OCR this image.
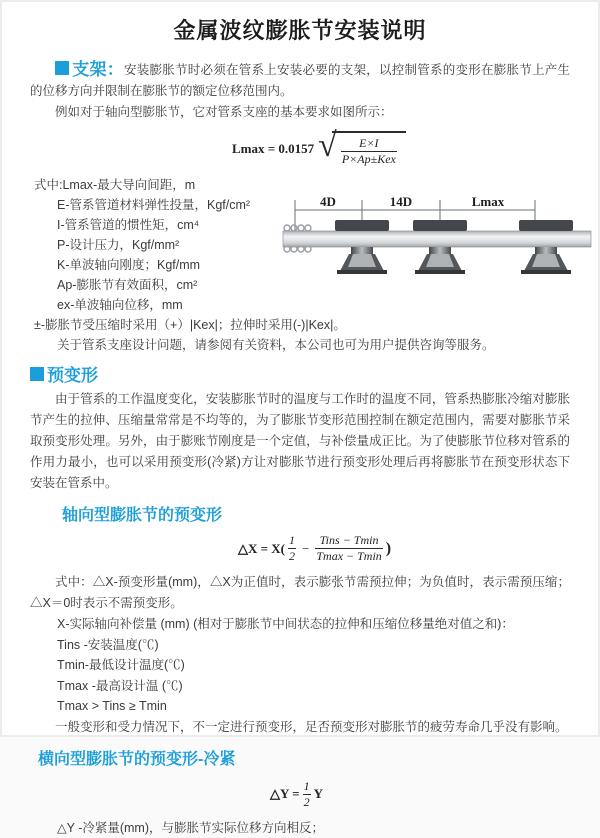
金属波纹膨胀节安装说明

支架：安装膨胀节时必须在管系上安装必要的支架，以控制管系的变形在膨胀节上产生的位移方向并限制在膨胀节的额定位移范围内。

例如对于轴向型膨胀节，它对管系支座的基本要求如图所示：

Lmax = 0.0157 √ $\frac{E\times I}{\text{P×Ap±Kex}}$

式中:Lmax-最大导向间距，m

E-管系管道材料弹性投量，Kgf/cm²

I-管系管道的惯性矩，cm⁴

P-设计压力，Kgf/mm²

K-单波轴向刚度；Kgf/mm

Ap-膨胀节有效面积，cm²

ex-单波轴向位移，mm

±-膨胀节受压缩时采用（+）|Kex|；拉伸时采用(-)|Kex|。

关于管系支座设计问题，请参阅有关资料，本公司也可为用户提供咨询等服务。

4D	14D	Lmax

预变形

由于管系的工作温度变化，安装膨胀节时的温度与工作时的温度不同，管系热膨胀冷缩对膨胀节产生的拉伸、压缩量常常是不均等的，为了膨胀节变形范围控制在额定范围内，需要对膨胀节采取预变形处理。另外，由于膨账节刚度是一个定值，与补偿量成正比。为了使膨胀节位移对管系的作用力最小，也可以采用预变形(冷紧)方让对膨胀节进行预变形处理后再将膨胀节在预变形状态下安装在管系中。

轴向型膨胀节的预变形
△X = $X( \frac{1}{2} - \frac{\text{Tins − Tmin}}{Tmax - Tmin}$ )

式中：△X-预变形量(mm)，△X为正值时，表示膨张节需预拉伸；为负值时，表示需预压缩；△X＝0时表示不需预变形。

X-实际轴向补偿量 (mm) (相对于膨胀节中间状态的拉伸和压缩位移量绝对值之和)：

Tins -安装温度(℃)

Tmin-最低设计温度(℃)

Tmax -最高设计温 (℃)

Tmax > Tins ≥ Tmin

一般变形和受力情况下，不一定进行预变形，足否预变形对膨胀节的疲劳寿命几乎没有影响。

横向型膨胀节的预变形-冷紧
△Y = $\frac{1}{2}$ Y

△Y -冷紧量(mm)，与膨胀节实际位移方向相反；
